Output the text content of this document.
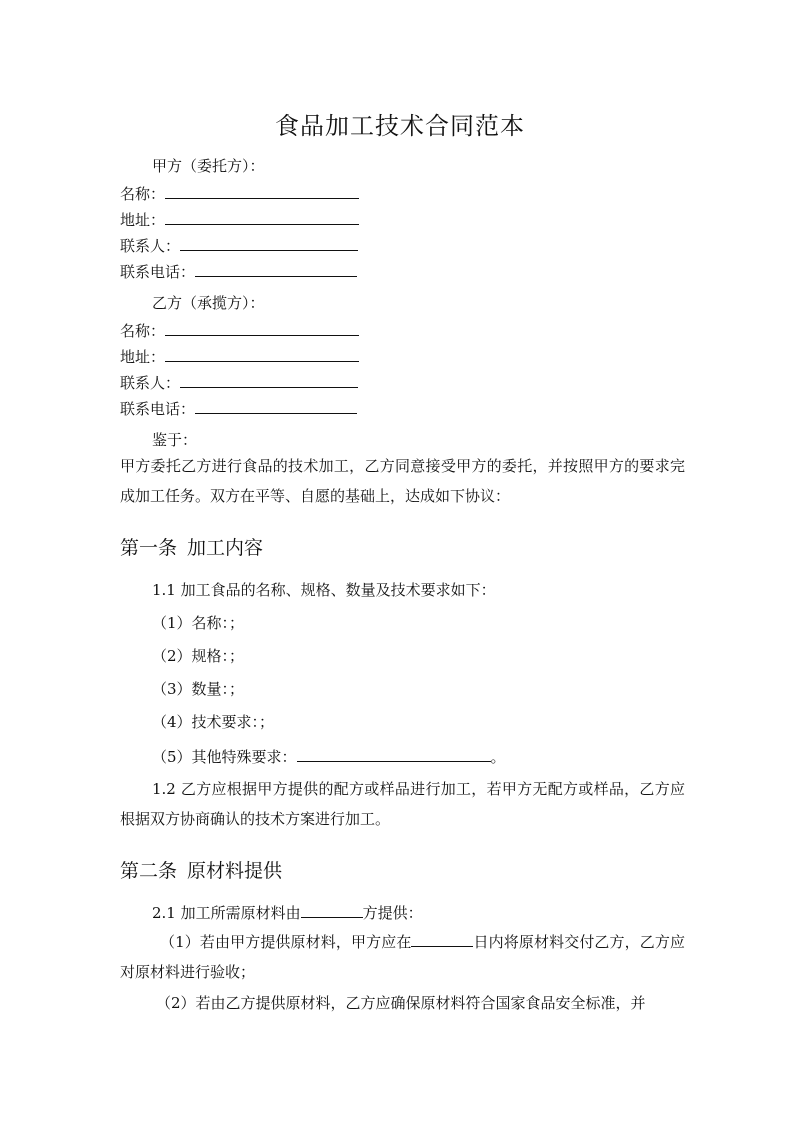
食品加工技术合同范本
甲方（委托方）：
名称：
地址：
联系人：
联系电话：
乙方（承揽方）：
名称：
地址：
联系人：
联系电话：
鉴于：
甲方委托乙方进行食品的技术加工，乙方同意接受甲方的委托，并按照甲方的要求完成加工任务。双方在平等、自愿的基础上，达成如下协议：
第一条 加工内容
1.1 加工食品的名称、规格、数量及技术要求如下：
（1）名称：；
（2）规格：；
（3）数量：；
（4）技术要求：；
（5）其他特殊要求：	。
1.2 乙方应根据甲方提供的配方或样品进行加工，若甲方无配方或样品，乙方应根据双方协商确认的技术方案进行加工。
第二条 原材料提供
2.1 加工所需原材料由	方提供：
（1）若由甲方提供原材料，甲方应在	日内将原材料交付乙方，乙方应对原材料进行验收；
（2）若由乙方提供原材料，乙方应确保原材料符合国家食品安全标准，并
